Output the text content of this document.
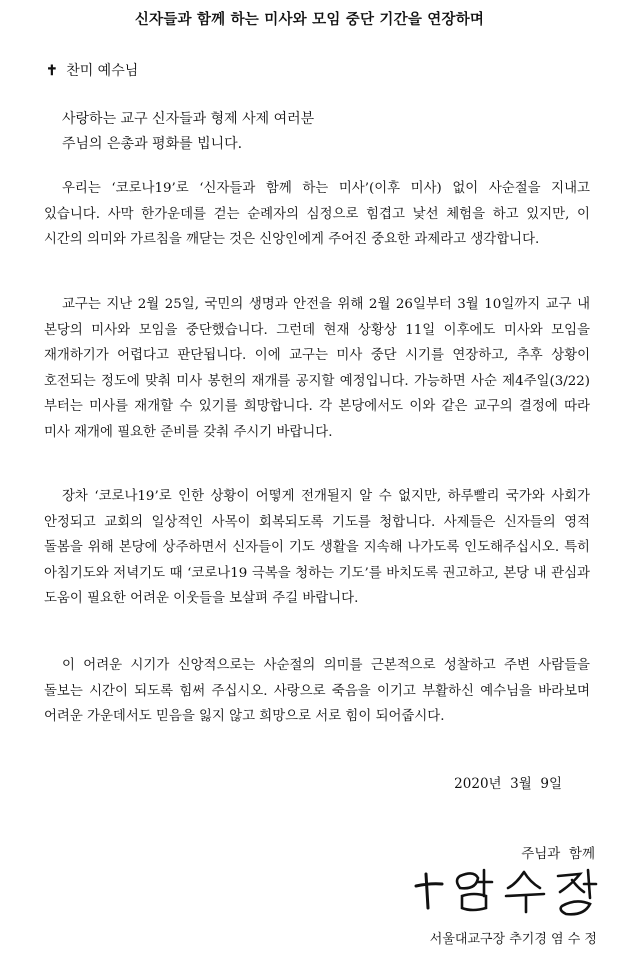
신자들과 함께 하는 미사와 모임 중단 기간을 연장하며
✝ 찬미 예수님
사랑하는 교구 신자들과 형제 사제 여러분
주님의 은총과 평화를 빕니다.

우리는 ‘코로나19’로 ‘신자들과 함께 하는 미사’(이후 미사) 없이 사순절을 지내고 있습니다. 사막 한가운데를 걷는 순례자의 심정으로 힘겹고 낯선 체험을 하고 있지만, 이 시간의 의미와 가르침을 깨닫는 것은 신앙인에게 주어진 중요한 과제라고 생각합니다.

교구는 지난 2월 25일, 국민의 생명과 안전을 위해 2월 26일부터 3월 10일까지 교구 내 본당의 미사와 모임을 중단했습니다. 그런데 현재 상황상 11일 이후에도 미사와 모임을 재개하기가 어렵다고 판단됩니다. 이에 교구는 미사 중단 시기를 연장하고, 추후 상황이 호전되는 정도에 맞춰 미사 봉헌의 재개를 공지할 예정입니다. 가능하면 사순 제4주일(3/22)부터는 미사를 재개할 수 있기를 희망합니다. 각 본당에서도 이와 같은 교구의 결정에 따라 미사 재개에 필요한 준비를 갖춰 주시기 바랍니다.

장차 ‘코로나19’로 인한 상황이 어떻게 전개될지 알 수 없지만, 하루빨리 국가와 사회가 안정되고 교회의 일상적인 사목이 회복되도록 기도를 청합니다. 사제들은 신자들의 영적 돌봄을 위해 본당에 상주하면서 신자들이 기도 생활을 지속해 나가도록 인도해주십시오. 특히 아침기도와 저녁기도 때 ‘코로나19 극복을 청하는 기도’를 바치도록 권고하고, 본당 내 관심과 도움이 필요한 어려운 이웃들을 보살펴 주길 바랍니다.

이 어려운 시기가 신앙적으로는 사순절의 의미를 근본적으로 성찰하고 주변 사람들을 돌보는 시간이 되도록 힘써 주십시오. 사랑으로 죽음을 이기고 부활하신 예수님을 바라보며 어려운 가운데서도 믿음을 잃지 않고 희망으로 서로 힘이 되어줍시다.

2020년  3월  9일
주님과  함께
서울대교구장 추기경 염 수 정
